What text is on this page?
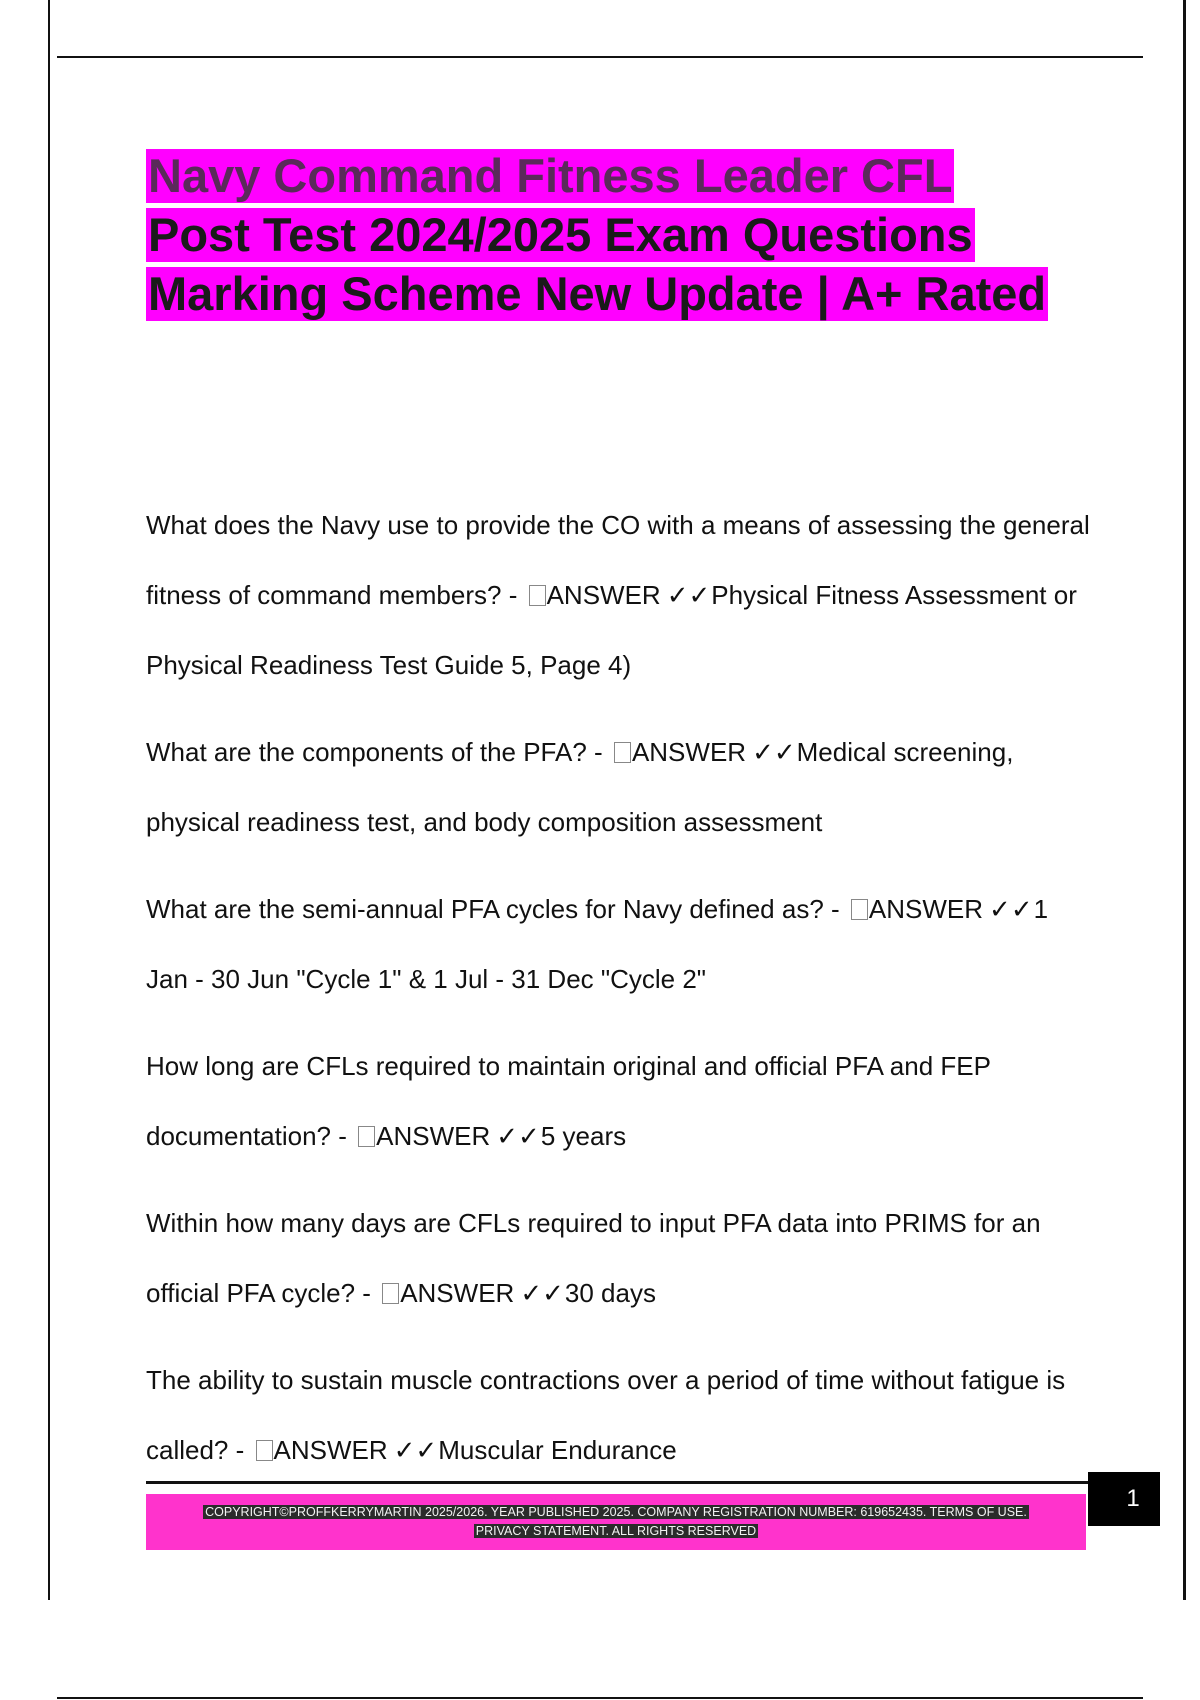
Navy Command Fitness Leader CFL
Post Test 2024/2025 Exam Questions
Marking Scheme New Update | A+ Rated

What does the Navy use to provide the CO with a means of assessing the general fitness of command members? - ANSWER ✓✓Physical Fitness Assessment or Physical Readiness Test Guide 5, Page 4)

What are the components of the PFA? - ANSWER ✓✓Medical screening, physical readiness test, and body composition assessment

What are the semi-annual PFA cycles for Navy defined as? - ANSWER ✓✓1 Jan - 30 Jun "Cycle 1" & 1 Jul - 31 Dec "Cycle 2"

How long are CFLs required to maintain original and official PFA and FEP documentation? - ANSWER ✓✓5 years

Within how many days are CFLs required to input PFA data into PRIMS for an official PFA cycle? - ANSWER ✓✓30 days

The ability to sustain muscle contractions over a period of time without fatigue is called? - ANSWER ✓✓Muscular Endurance

COPYRIGHT©PROFFKERRYMARTIN 2025/2026. YEAR PUBLISHED 2025. COMPANY REGISTRATION NUMBER: 619652435. TERMS OF USE.
PRIVACY STATEMENT. ALL RIGHTS RESERVED
1
